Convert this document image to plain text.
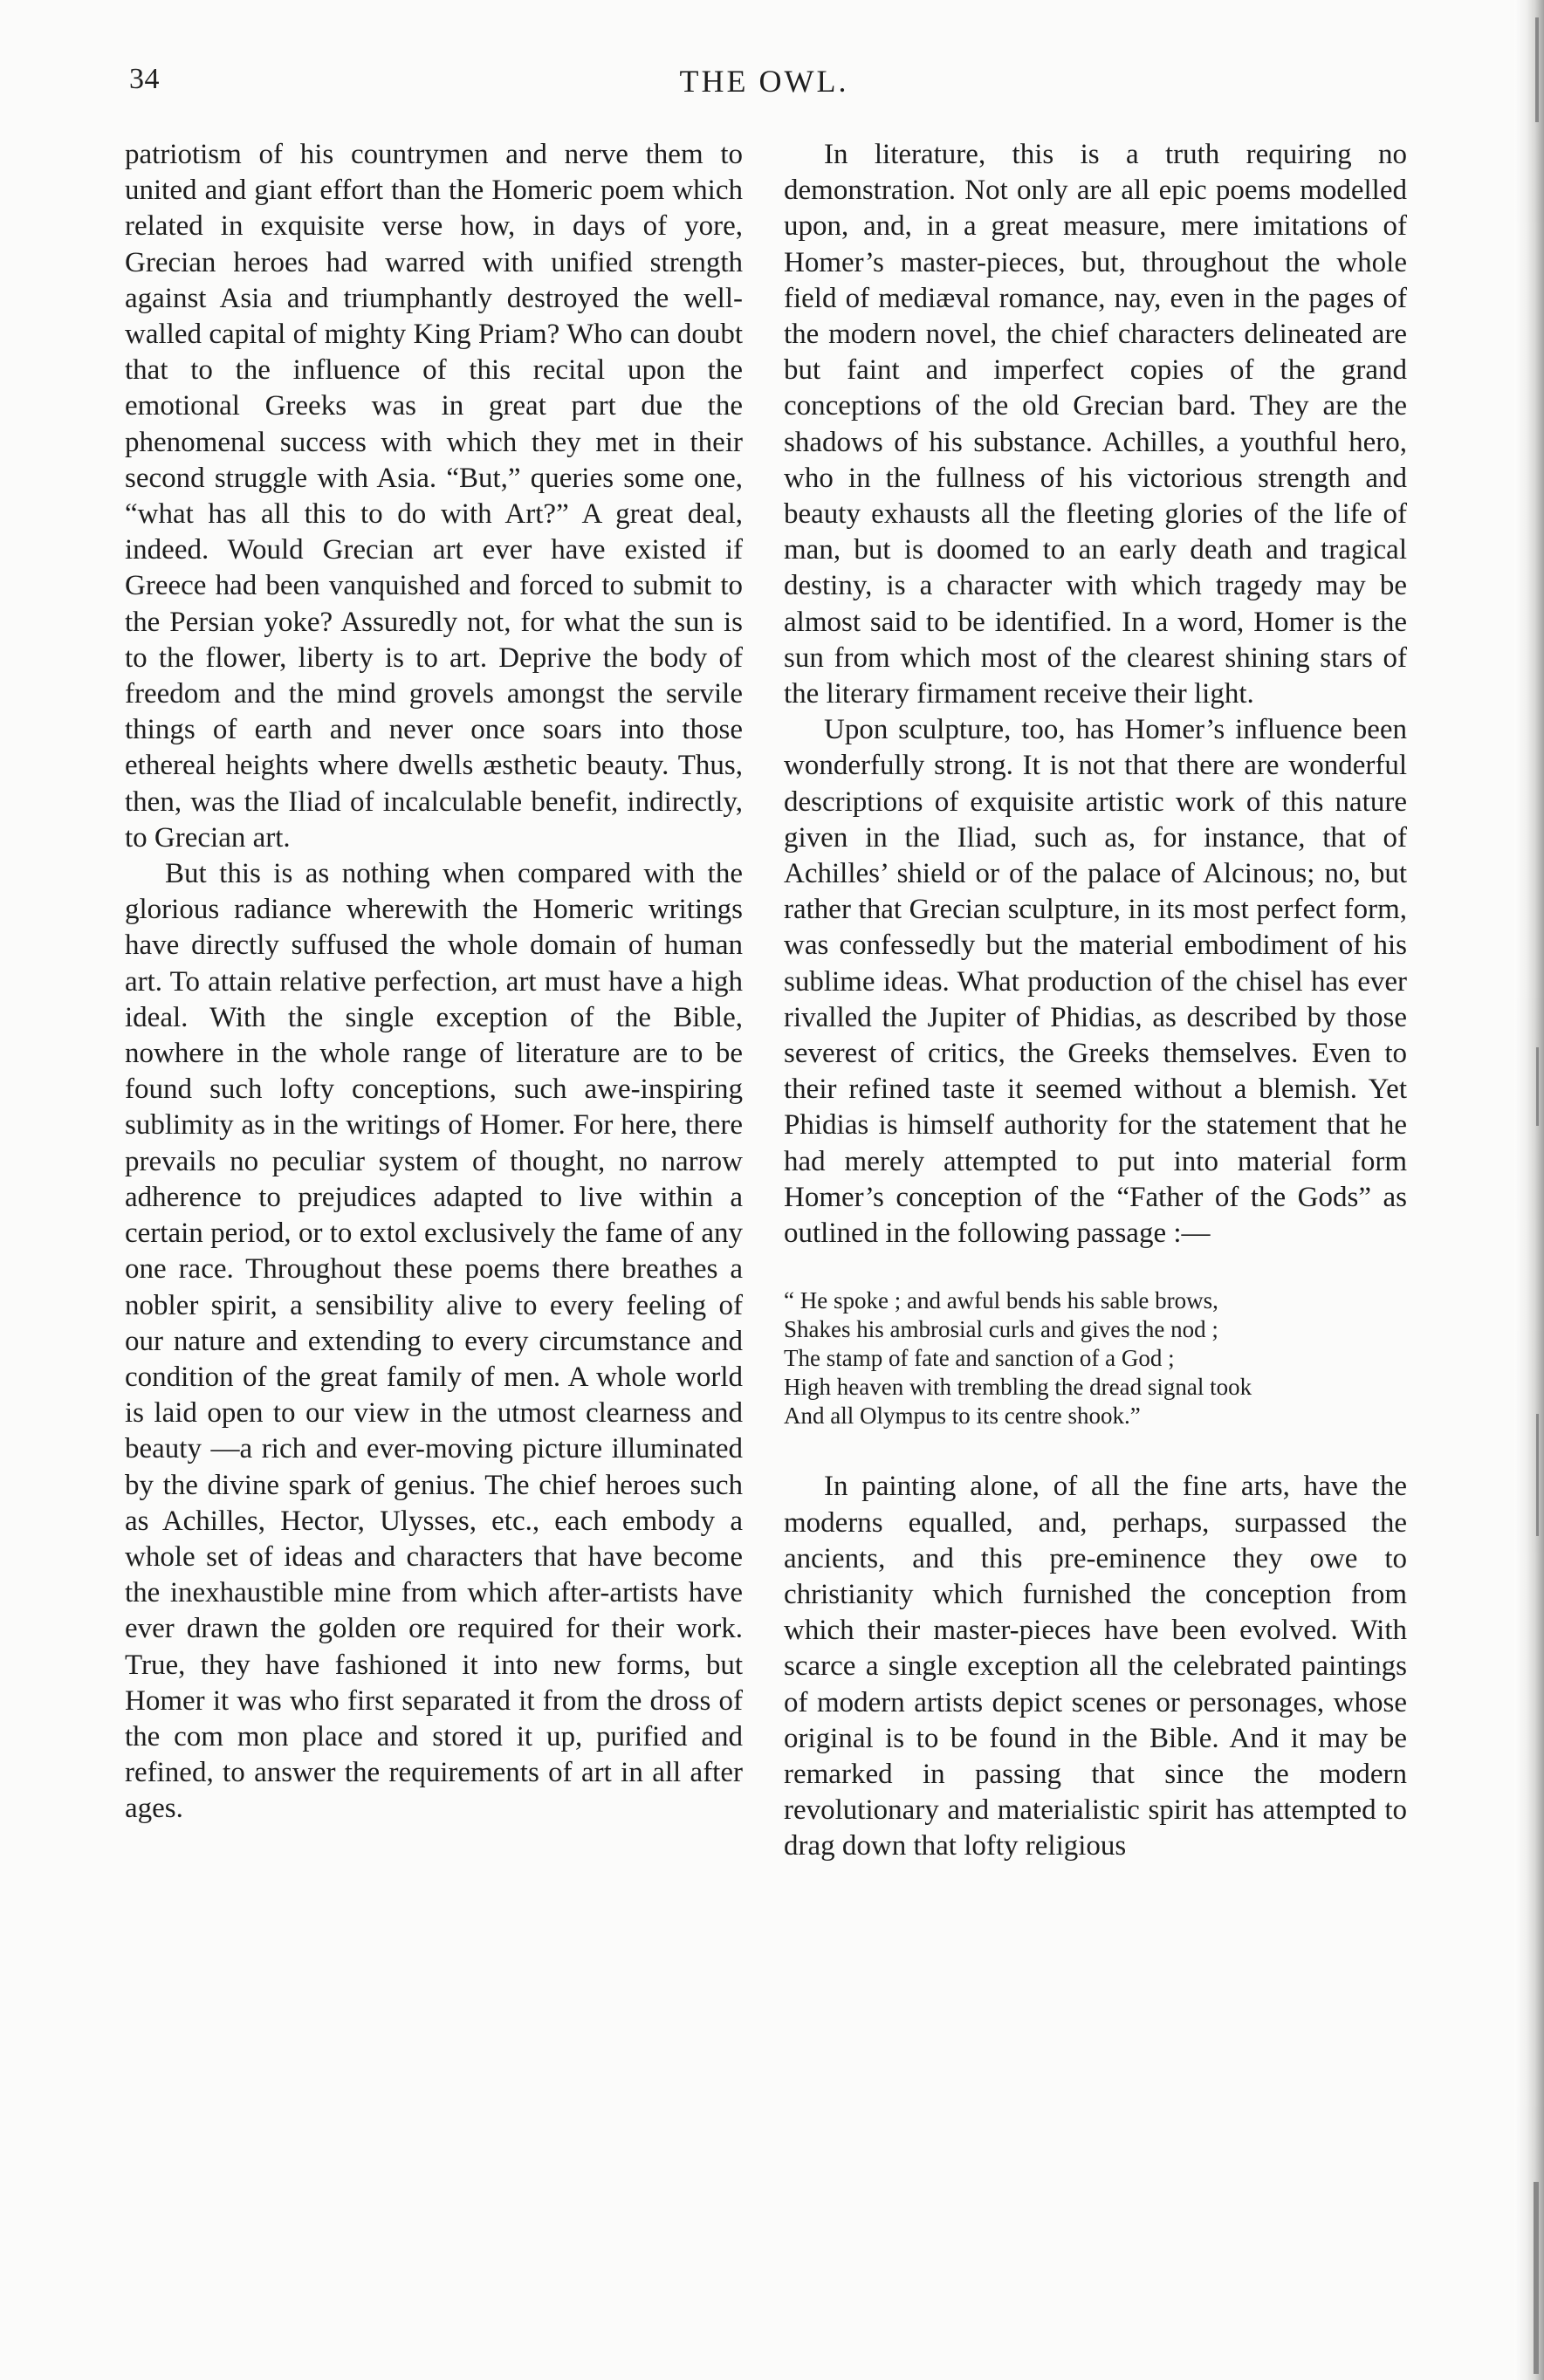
34	THE OWL.

patriotism of his countrymen and nerve them to united and giant effort than the Homeric poem which related in exquisite verse how, in days of yore, Grecian heroes had warred with unified strength against Asia and triumphantly destroyed the well-walled capital of mighty King Priam? Who can doubt that to the influence of this recital upon the emotional Greeks was in great part due the phenomenal success with which they met in their second struggle with Asia. “But,” queries some one, “what has all this to do with Art?” A great deal, indeed. Would Grecian art ever have existed if Greece had been vanquished and forced to submit to the Persian yoke? Assuredly not, for what the sun is to the flower, liberty is to art. Deprive the body of freedom and the mind grovels amongst the servile things of earth and never once soars into those ethereal heights where dwells æsthetic beauty. Thus, then, was the Iliad of incalculable benefit, indirectly, to Grecian art.

But this is as nothing when compared with the glorious radiance wherewith the Homeric writings have directly suffused the whole domain of human art. To attain relative perfection, art must have a high ideal. With the single exception of the Bible, nowhere in the whole range of literature are to be found such lofty conceptions, such awe-inspiring sublimity as in the writings of Homer. For here, there prevails no peculiar system of thought, no narrow adherence to prejudices adapted to live within a certain period, or to extol exclusively the fame of any one race. Throughout these poems there breathes a nobler spirit, a sensibility alive to every feeling of our nature and extending to every circumstance and condition of the great family of men. A whole world is laid open to our view in the utmost clearness and beauty —a rich and ever-moving picture illuminated by the divine spark of genius. The chief heroes such as Achilles, Hector, Ulysses, etc., each embody a whole set of ideas and characters that have become the inexhaustible mine from which after-artists have ever drawn the golden ore required for their work. True, they have fashioned it into new forms, but Homer it was who first separated it from the dross of the com mon place and stored it up, purified and refined, to answer the requirements of art in all after ages.

In literature, this is a truth requiring no demonstration. Not only are all epic poems modelled upon, and, in a great measure, mere imitations of Homer’s master-pieces, but, throughout the whole field of mediæval romance, nay, even in the pages of the modern novel, the chief characters delineated are but faint and imperfect copies of the grand conceptions of the old Grecian bard. They are the shadows of his substance. Achilles, a youthful hero, who in the fullness of his victorious strength and beauty exhausts all the fleeting glories of the life of man, but is doomed to an early death and tragical destiny, is a character with which tragedy may be almost said to be identified. In a word, Homer is the sun from which most of the clearest shining stars of the literary firmament receive their light.

Upon sculpture, too, has Homer’s influence been wonderfully strong. It is not that there are wonderful descriptions of exquisite artistic work of this nature given in the Iliad, such as, for instance, that of Achilles’ shield or of the palace of Alcinous; no, but rather that Grecian sculpture, in its most perfect form, was confessedly but the material embodiment of his sublime ideas. What production of the chisel has ever rivalled the Jupiter of Phidias, as described by those severest of critics, the Greeks themselves. Even to their refined taste it seemed without a blemish. Yet Phidias is himself authority for the statement that he had merely attempted to put into material form Homer’s conception of the “Father of the Gods” as outlined in the following passage :—

“ He spoke ; and awful bends his sable brows,
Shakes his ambrosial curls and gives the nod ;
The stamp of fate and sanction of a God ;
High heaven with trembling the dread signal took
And all Olympus to its centre shook.”

In painting alone, of all the fine arts, have the moderns equalled, and, perhaps, surpassed the ancients, and this pre-eminence they owe to christianity which furnished the conception from which their master-pieces have been evolved. With scarce a single exception all the celebrated paintings of modern artists depict scenes or personages, whose original is to be found in the Bible. And it may be remarked in passing that since the modern revolutionary and materialistic spirit has attempted to drag down that lofty religious
